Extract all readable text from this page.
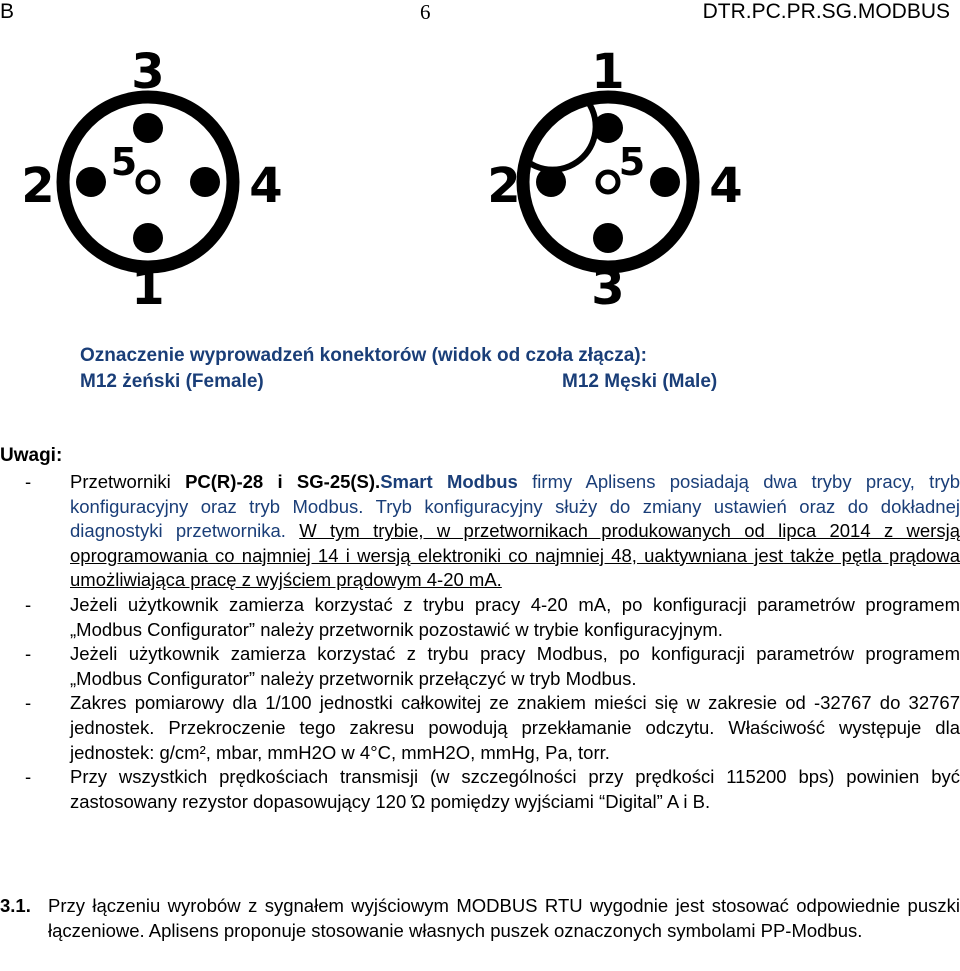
B	6	DTR.PC.PR.SG.MODBUS
3
2	4
5
1
1
2	4
5
3
Oznaczenie wyprowadzeń konektorów (widok od czoła złącza):
M12 żeński (Female)	M12 Męski (Male)
Uwagi:

- Przetworniki PC(R)-28 i SG-25(S).Smart Modbus firmy Aplisens posiadają dwa tryby pracy, tryb konfiguracyjny oraz tryb Modbus. Tryb konfiguracyjny służy do zmiany ustawień oraz do dokładnej diagnostyki przetwornika. W tym trybie, w przetwornikach produkowanych od lipca 2014 z wersją oprogramowania co najmniej 14 i wersją elektroniki co najmniej 48, uaktywniana jest także pętla prądowa umożliwiająca pracę z wyjściem prądowym 4-20 mA.

- Jeżeli użytkownik zamierza korzystać z trybu pracy 4-20 mA, po konfiguracji parametrów programem „Modbus Configurator” należy przetwornik pozostawić w trybie konfiguracyjnym.

- Jeżeli użytkownik zamierza korzystać z trybu pracy Modbus, po konfiguracji parametrów programem „Modbus Configurator” należy przetwornik przełączyć w tryb Modbus.

- Zakres pomiarowy dla 1/100 jednostki całkowitej ze znakiem mieści się w zakresie od -32767 do 32767 jednostek. Przekroczenie tego zakresu powodują przekłamanie odczytu. Właściwość występuje dla jednostek: g/cm², mbar, mmH2O w 4°C, mmH2O, mmHg, Pa, torr.

- Przy wszystkich prędkościach transmisji (w szczególności przy prędkości 115200 bps) powinien być zastosowany rezystor dopasowujący 120 Ώ pomiędzy wyjściami “Digital” A i B.

3.1. Przy łączeniu wyrobów z sygnałem wyjściowym MODBUS RTU wygodnie jest stosować odpowiednie puszki łączeniowe. Aplisens proponuje stosowanie własnych puszek oznaczonych symbolami PP-Modbus.
